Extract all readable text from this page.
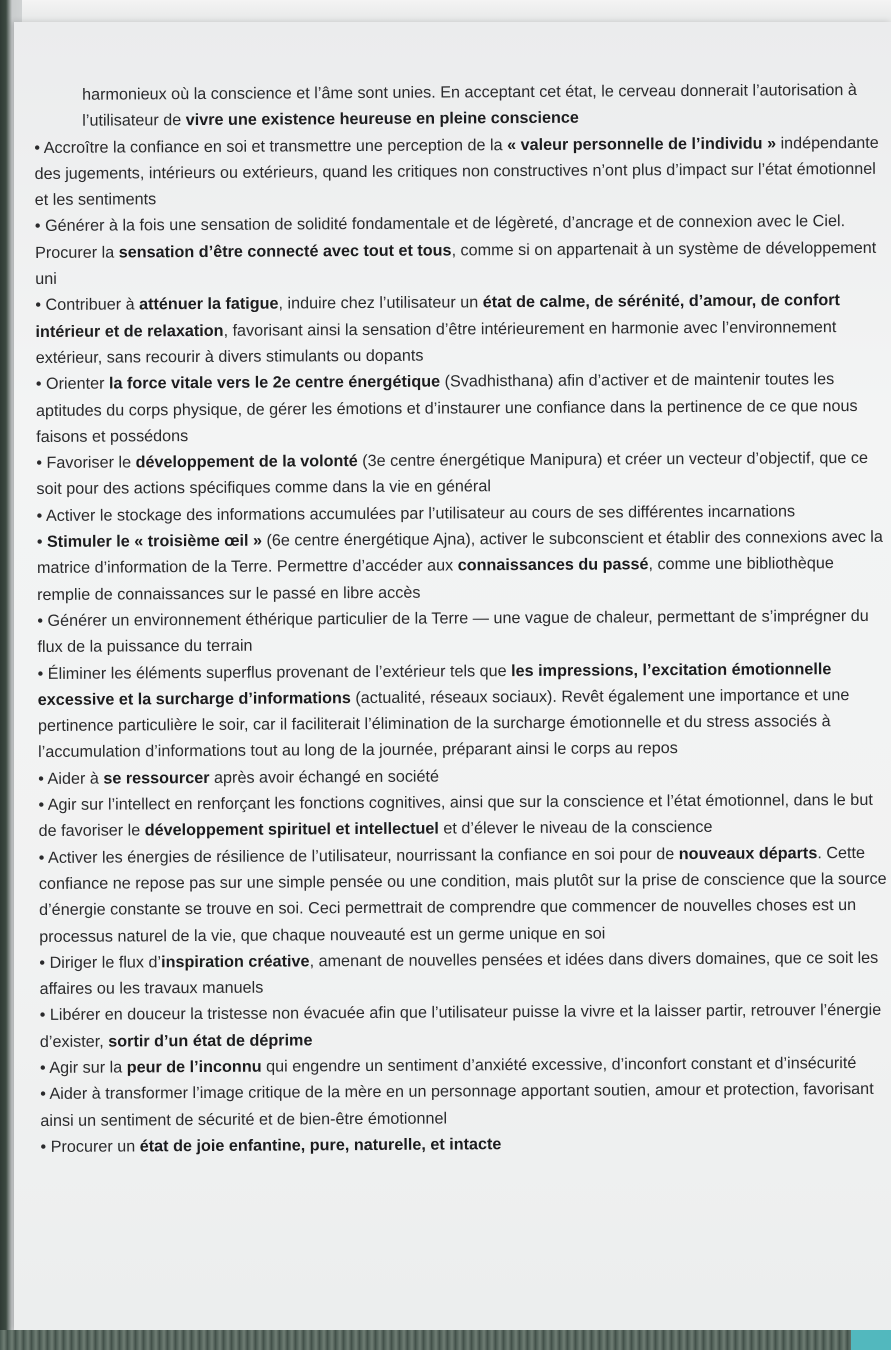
harmonieux où la conscience et l’âme sont unies. En acceptant cet état, le cerveau donnerait l’autorisation à l’utilisateur de vivre une existence heureuse en pleine conscience

• Accroître la confiance en soi et transmettre une perception de la « valeur personnelle de l’individu » indépendante des jugements, intérieurs ou extérieurs, quand les critiques non constructives n’ont plus d’impact sur l’état émotionnel et les sentiments

• Générer à la fois une sensation de solidité fondamentale et de légèreté, d’ancrage et de connexion avec le Ciel. Procurer la sensation d’être connecté avec tout et tous, comme si on appartenait à un système de développement uni

• Contribuer à atténuer la fatigue, induire chez l’utilisateur un état de calme, de sérénité, d’amour, de confort intérieur et de relaxation, favorisant ainsi la sensation d’être intérieurement en harmonie avec l’environnement extérieur, sans recourir à divers stimulants ou dopants

• Orienter la force vitale vers le 2e centre énergétique (Svadhisthana) afin d’activer et de maintenir toutes les aptitudes du corps physique, de gérer les émotions et d’instaurer une confiance dans la pertinence de ce que nous faisons et possédons

• Favoriser le développement de la volonté (3e centre énergétique Manipura) et créer un vecteur d’objectif, que ce soit pour des actions spécifiques comme dans la vie en général

• Activer le stockage des informations accumulées par l’utilisateur au cours de ses différentes incarnations

• Stimuler le « troisième œil » (6e centre énergétique Ajna), activer le subconscient et établir des connexions avec la matrice d’information de la Terre. Permettre d’accéder aux connaissances du passé, comme une bibliothèque remplie de connaissances sur le passé en libre accès

• Générer un environnement éthérique particulier de la Terre — une vague de chaleur, permettant de s’imprégner du flux de la puissance du terrain

• Éliminer les éléments superflus provenant de l’extérieur tels que les impressions, l’excitation émotionnelle excessive et la surcharge d’informations (actualité, réseaux sociaux). Revêt également une importance et une pertinence particulière le soir, car il faciliterait l’élimination de la surcharge émotionnelle et du stress associés à l’accumulation d’informations tout au long de la journée, préparant ainsi le corps au repos

• Aider à se ressourcer après avoir échangé en société

• Agir sur l’intellect en renforçant les fonctions cognitives, ainsi que sur la conscience et l’état émotionnel, dans le but de favoriser le développement spirituel et intellectuel et d’élever le niveau de la conscience

• Activer les énergies de résilience de l’utilisateur, nourrissant la confiance en soi pour de nouveaux départs. Cette confiance ne repose pas sur une simple pensée ou une condition, mais plutôt sur la prise de conscience que la source d’énergie constante se trouve en soi. Ceci permettrait de comprendre que commencer de nouvelles choses est un processus naturel de la vie, que chaque nouveauté est un germe unique en soi

• Diriger le flux d’inspiration créative, amenant de nouvelles pensées et idées dans divers domaines, que ce soit les affaires ou les travaux manuels

• Libérer en douceur la tristesse non évacuée afin que l’utilisateur puisse la vivre et la laisser partir, retrouver l’énergie d’exister, sortir d’un état de déprime

• Agir sur la peur de l’inconnu qui engendre un sentiment d’anxiété excessive, d’inconfort constant et d’insécurité

• Aider à transformer l’image critique de la mère en un personnage apportant soutien, amour et protection, favorisant ainsi un sentiment de sécurité et de bien-être émotionnel

• Procurer un état de joie enfantine, pure, naturelle, et intacte
